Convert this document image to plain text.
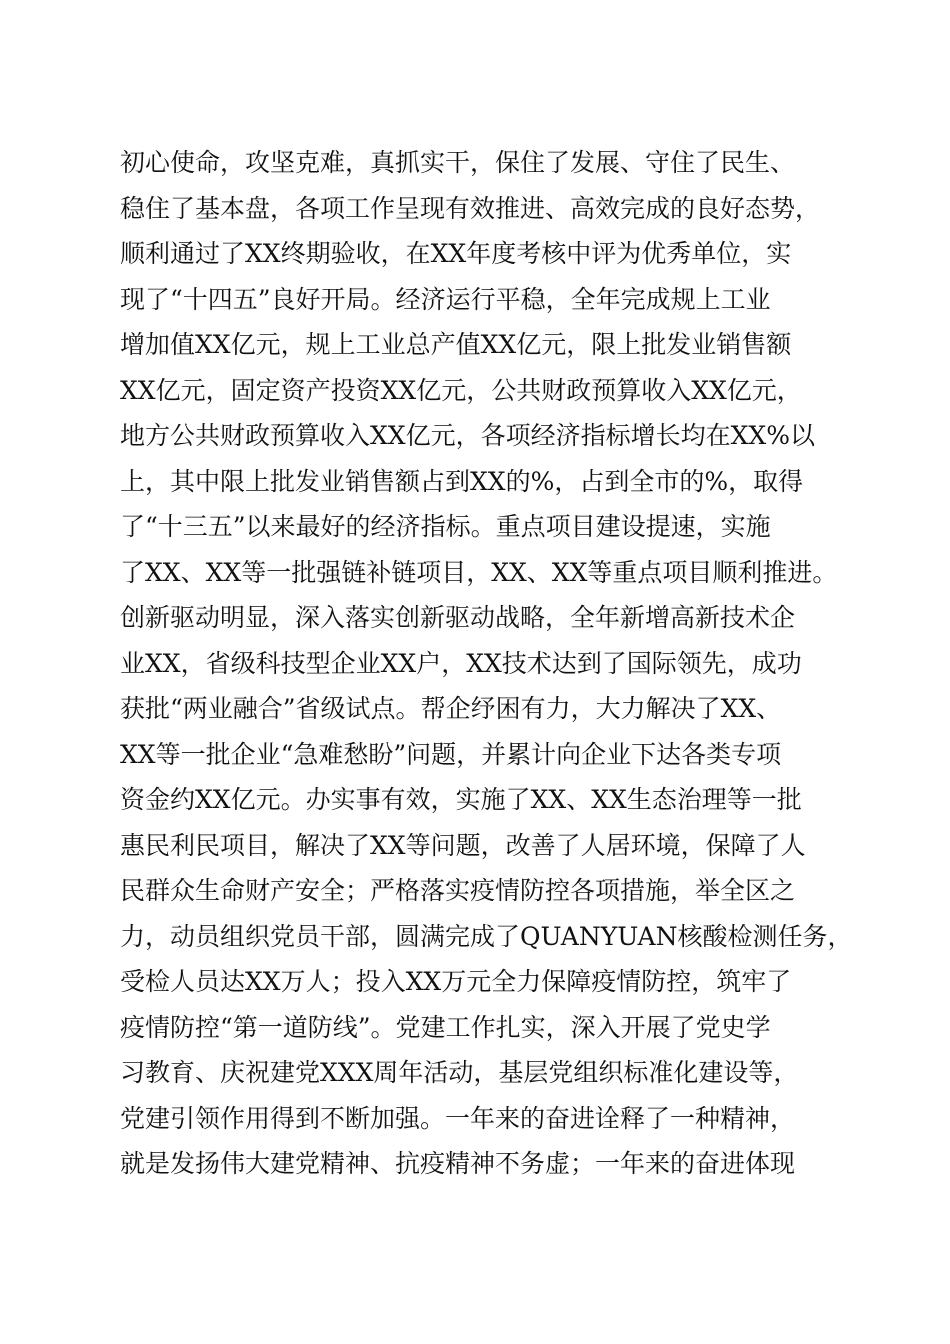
初心使命，攻坚克难，真抓实干，保住了发展、守住了民生、
稳住了基本盘，各项工作呈现有效推进、高效完成的良好态势，
顺利通过了XX终期验收，在XX年度考核中评为优秀单位，实
现了“十四五”良好开局。经济运行平稳，全年完成规上工业
增加值XX亿元，规上工业总产值XX亿元，限上批发业销售额
XX亿元，固定资产投资XX亿元，公共财政预算收入XX亿元，
地方公共财政预算收入XX亿元，各项经济指标增长均在XX%以
上，其中限上批发业销售额占到XX的%，占到全市的%，取得
了“十三五”以来最好的经济指标。重点项目建设提速，实施
了XX、XX等一批强链补链项目，XX、XX等重点项目顺利推进。
创新驱动明显，深入落实创新驱动战略，全年新增高新技术企
业XX，省级科技型企业XX户，XX技术达到了国际领先，成功
获批“两业融合”省级试点。帮企纾困有力，大力解决了XX、
XX等一批企业“急难愁盼”问题，并累计向企业下达各类专项
资金约XX亿元。办实事有效，实施了XX、XX生态治理等一批
惠民利民项目，解决了XX等问题，改善了人居环境，保障了人
民群众生命财产安全；严格落实疫情防控各项措施，举全区之
力，动员组织党员干部，圆满完成了QUANYUAN核酸检测任务，
受检人员达XX万人；投入XX万元全力保障疫情防控，筑牢了
疫情防控“第一道防线”。党建工作扎实，深入开展了党史学
习教育、庆祝建党XXX周年活动，基层党组织标准化建设等，
党建引领作用得到不断加强。一年来的奋进诠释了一种精神，
就是发扬伟大建党精神、抗疫精神不务虚；一年来的奋进体现
